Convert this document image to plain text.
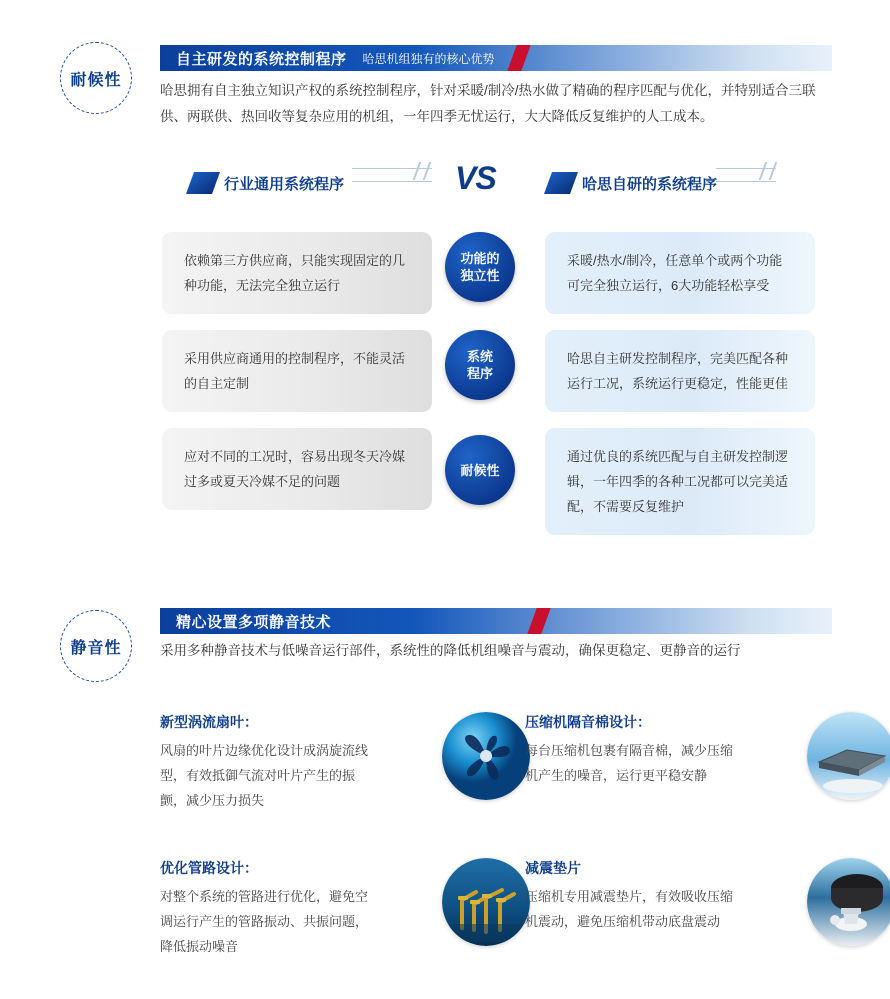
耐候性
自主研发的系统控制程序 哈思机组独有的核心优势
哈思拥有自主独立知识产权的系统控制程序，针对采暖/制冷/热水做了精确的程序匹配与优化，并特别适合三联供、两联供、热回收等复杂应用的机组，一年四季无忧运行，大大降低反复维护的人工成本。
行业通用系统程序	VS	哈思自研的系统程序
依赖第三方供应商，只能实现固定的几种功能，无法完全独立运行
功能的
独立性
采暖/热水/制冷，任意单个或两个功能可完全独立运行，6大功能轻松享受
采用供应商通用的控制程序，不能灵活的自主定制
系统
程序
哈思自主研发控制程序，完美匹配各种运行工况，系统运行更稳定，性能更佳
应对不同的工况时，容易出现冬天冷媒过多或夏天冷媒不足的问题
耐候性
通过优良的系统匹配与自主研发控制逻辑，一年四季的各种工况都可以完美适配，不需要反复维护
静音性
精心设置多项静音技术
采用多种静音技术与低噪音运行部件，系统性的降低机组噪音与震动，确保更稳定、更静音的运行
新型涡流扇叶：
风扇的叶片边缘优化设计成涡旋流线型，有效抵御气流对叶片产生的振颤，减少压力损失
压缩机隔音棉设计：
每台压缩机包裹有隔音棉，减少压缩机产生的噪音，运行更平稳安静
优化管路设计：
对整个系统的管路进行优化，避免空调运行产生的管路振动、共振问题，降低振动噪音
减震垫片
压缩机专用减震垫片，有效吸收压缩机震动，避免压缩机带动底盘震动
